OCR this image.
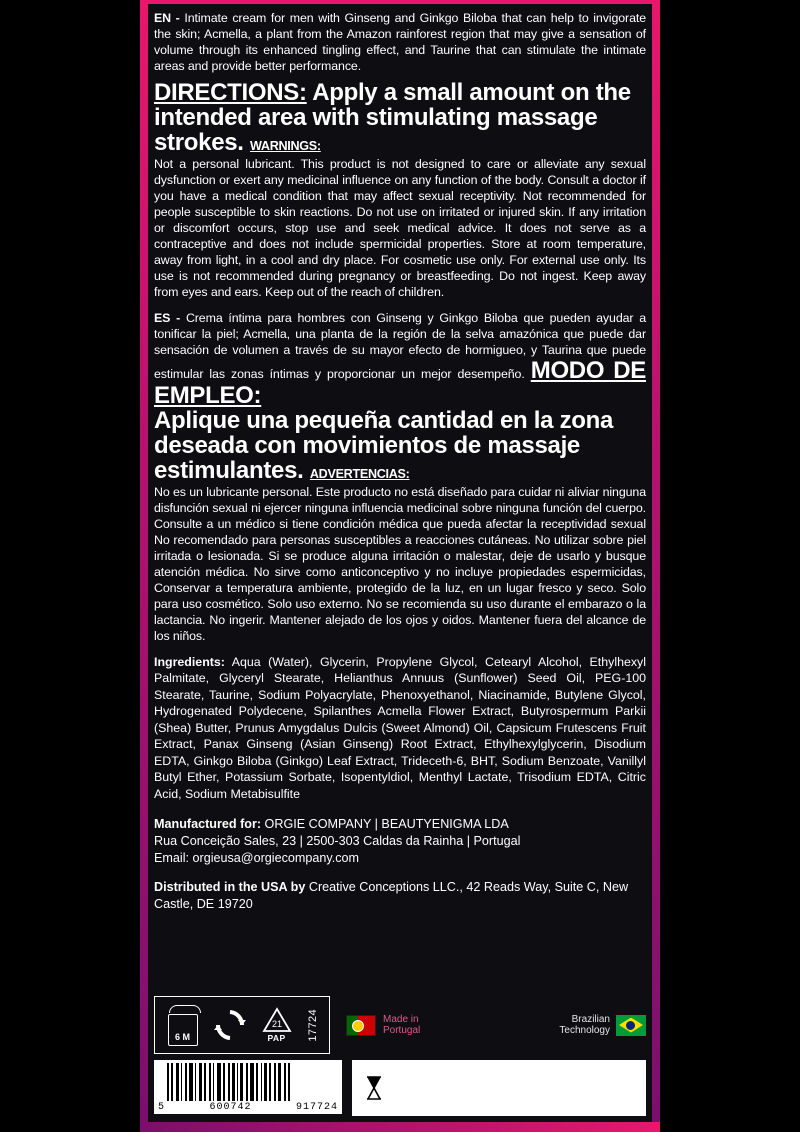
EN - Intimate cream for men with Ginseng and Ginkgo Biloba that can help to invigorate the skin; Acmella, a plant from the Amazon rainforest region that may give a sensation of volume through its enhanced tingling effect, and Taurine that can stimulate the intimate areas and provide better performance.

DIRECTIONS: Apply a small amount on the intended area with stimulating massage strokes. WARNINGS:

Not a personal lubricant. This product is not designed to care or alleviate any sexual dysfunction or exert any medicinal influence on any function of the body. Consult a doctor if you have a medical condition that may affect sexual receptivity. Not recommended for people susceptible to skin reactions. Do not use on irritated or injured skin. If any irritation or discomfort occurs, stop use and seek medical advice. It does not serve as a contraceptive and does not include spermicidal properties. Store at room temperature, away from light, in a cool and dry place. For cosmetic use only. For external use only. Its use is not recommended during pregnancy or breastfeeding. Do not ingest. Keep away from eyes and ears. Keep out of the reach of children.

ES - Crema íntima para hombres con Ginseng y Ginkgo Biloba que pueden ayudar a tonificar la piel; Acmella, una planta de la región de la selva amazónica que puede dar sensación de volumen a través de su mayor efecto de hormigueo, y Taurina que puede estimular las zonas íntimas y proporcionar un mejor desempeño. MODO DE EMPLEO:

Aplique una pequeña cantidad en la zona deseada con movimientos de massaje estimulantes. ADVERTENCIAS:

No es un lubricante personal. Este producto no está diseñado para cuidar ni aliviar ninguna disfunción sexual ni ejercer ninguna influencia medicinal sobre ninguna función del cuerpo. Consulte a un médico si tiene condición médica que pueda afectar la receptividad sexual No recomendado para personas susceptibles a reacciones cutáneas. No utilizar sobre piel irritada o lesionada. Si se produce alguna irritación o malestar, deje de usarlo y busque atención médica. No sirve como anticonceptivo y no incluye propiedades espermicidas, Conservar a temperatura ambiente, protegido de la luz, en un lugar fresco y seco. Solo para uso cosmético. Solo uso externo. No se recomienda su uso durante el embarazo o la lactancia. No ingerir. Mantener alejado de los ojos y oidos. Mantener fuera del alcance de los niños.

Ingredients: Aqua (Water), Glycerin, Propylene Glycol, Cetearyl Alcohol, Ethylhexyl Palmitate, Glyceryl Stearate, Helianthus Annuus (Sunflower) Seed Oil, PEG-100 Stearate, Taurine, Sodium Polyacrylate, Phenoxyethanol, Niacinamide, Butylene Glycol, Hydrogenated Polydecene, Spilanthes Acmella Flower Extract, Butyrospermum Parkii (Shea) Butter, Prunus Amygdalus Dulcis (Sweet Almond) Oil, Capsicum Frutescens Fruit Extract, Panax Ginseng (Asian Ginseng) Root Extract, Ethylhexylglycerin, Disodium EDTA, Ginkgo Biloba (Ginkgo) Leaf Extract, Trideceth-6, BHT, Sodium Benzoate, Vanillyl Butyl Ether, Potassium Sorbate, Isopentyldiol, Menthyl Lactate, Trisodium EDTA, Citric Acid, Sodium Metabisulfite

Manufactured for: ORGIE COMPANY | BEAUTYENIGMA LDA

Rua Conceição Sales, 23 | 2500-303 Caldas da Rainha | Portugal

Email: orgieusa@orgiecompany.com

Distributed in the USA by Creative Conceptions LLC., 42 Reads Way, Suite C, New Castle, DE 19720

6 M
21
PAP 17724	Made in
Portugal
Brazilian
Technology
5	600742	917724
